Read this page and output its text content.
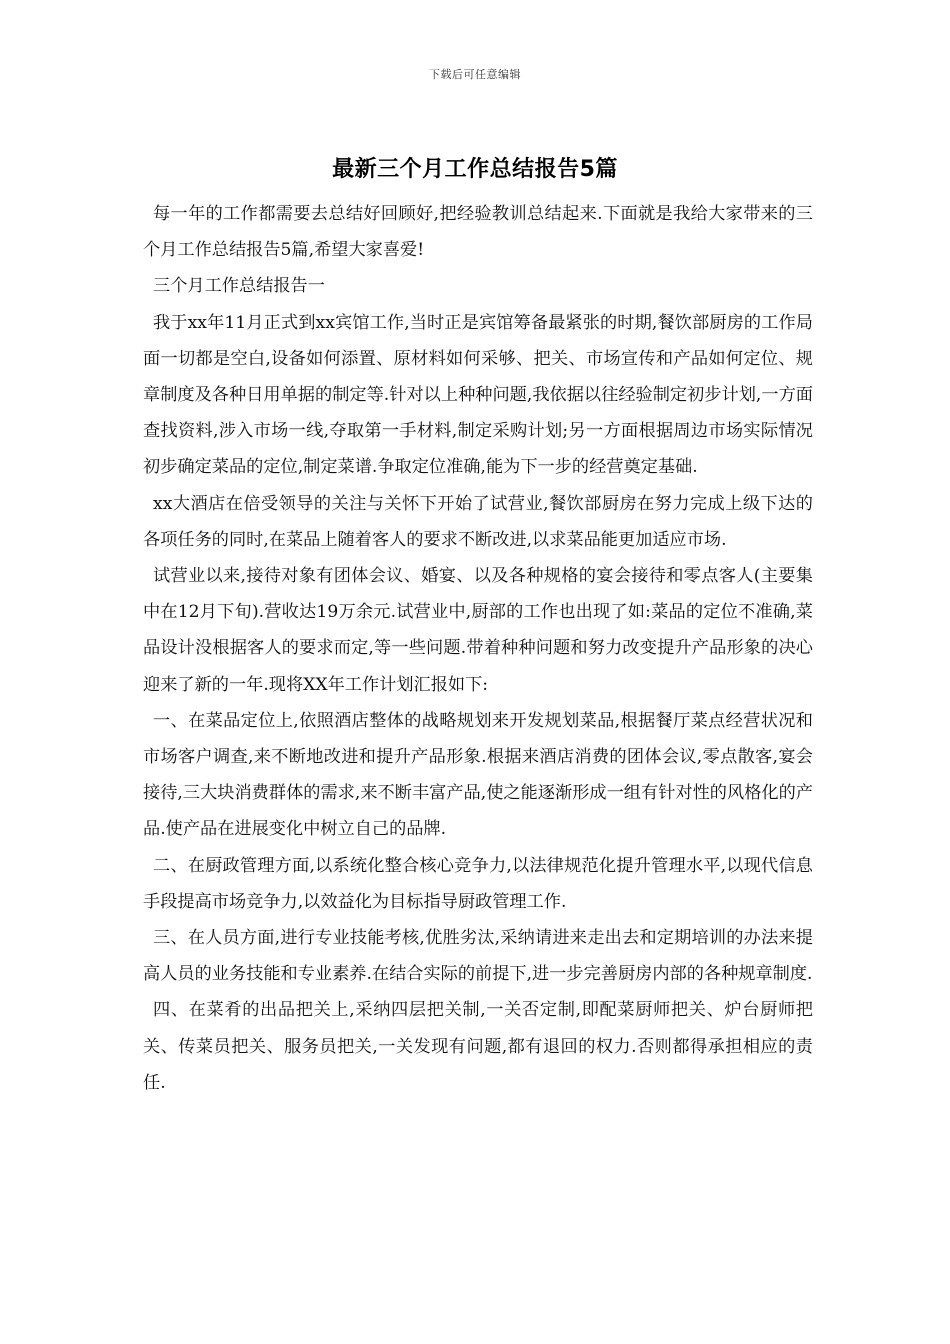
下载后可任意编辑
最新三个月工作总结报告5篇

每一年的工作都需要去总结好回顾好,把经验教训总结起来.下面就是我给大家带来的三个月工作总结报告5篇,希望大家喜爱!

三个月工作总结报告一

我于xx年11月正式到xx宾馆工作,当时正是宾馆筹备最紧张的时期,餐饮部厨房的工作局面一切都是空白,设备如何添置、原材料如何采够、把关、市场宣传和产品如何定位、规章制度及各种日用单据的制定等.针对以上种种问题,我依据以往经验制定初步计划,一方面查找资料,涉入市场一线,夺取第一手材料,制定采购计划;另一方面根据周边市场实际情况初步确定菜品的定位,制定菜谱.争取定位准确,能为下一步的经营奠定基础.

xx大酒店在倍受领导的关注与关怀下开始了试营业,餐饮部厨房在努力完成上级下达的各项任务的同时,在菜品上随着客人的要求不断改进,以求菜品能更加适应市场.

试营业以来,接待对象有团体会议、婚宴、以及各种规格的宴会接待和零点客人(主要集中在12月下旬).营收达19万余元.试营业中,厨部的工作也出现了如:菜品的定位不准确,菜品设计没根据客人的要求而定,等一些问题.带着种种问题和努力改变提升产品形象的决心迎来了新的一年.现将XX年工作计划汇报如下:

一、在菜品定位上,依照酒店整体的战略规划来开发规划菜品,根据餐厅菜点经营状况和市场客户调查,来不断地改进和提升产品形象.根据来酒店消费的团体会议,零点散客,宴会接待,三大块消费群体的需求,来不断丰富产品,使之能逐渐形成一组有针对性的风格化的产品.使产品在进展变化中树立自己的品牌.

二、在厨政管理方面,以系统化整合核心竞争力,以法律规范化提升管理水平,以现代信息手段提高市场竞争力,以效益化为目标指导厨政管理工作.

三、在人员方面,进行专业技能考核,优胜劣汰,采纳请进来走出去和定期培训的办法来提高人员的业务技能和专业素养.在结合实际的前提下,进一步完善厨房内部的各种规章制度.

四、在菜肴的出品把关上,采纳四层把关制,一关否定制,即配菜厨师把关、炉台厨师把关、传菜员把关、服务员把关,一关发现有问题,都有退回的权力.否则都得承担相应的责任.
